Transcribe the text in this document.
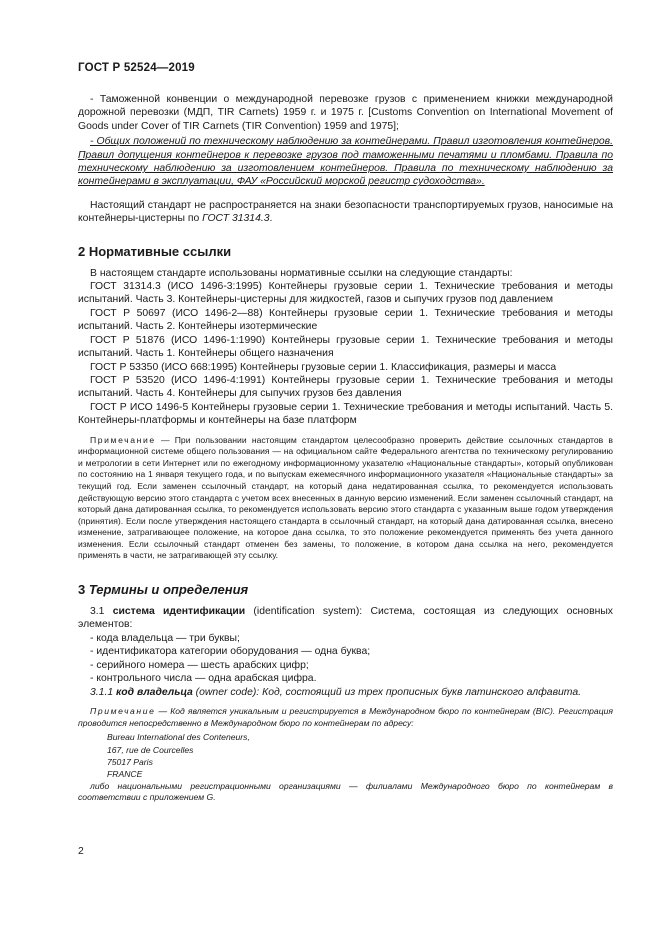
ГОСТ Р 52524—2019

- Таможенной конвенции о международной перевозке грузов с применением книжки международной дорожной перевозки (МДП, TIR Carnets) 1959 г. и 1975 г. [Customs Convention on International Movement of Goods under Cover of TIR Carnets (TIR Convention) 1959 and 1975];

- Общих положений по техническому наблюдению за контейнерами. Правил изготовления контейнеров. Правил допущения контейнеров к перевозке грузов под таможенными печатями и пломбами. Правила по техническому наблюдению за изготовлением контейнеров. Правила по техническому наблюдению за контейнерами в эксплуатации, ФАУ «Российский морской регистр судоходства».

Настоящий стандарт не распространяется на знаки безопасности транспортируемых грузов, наносимые на контейнеры-цистерны по ГОСТ 31314.3.

2 Нормативные ссылки

В настоящем стандарте использованы нормативные ссылки на следующие стандарты:

ГОСТ 31314.3 (ИСО 1496-3:1995) Контейнеры грузовые серии 1. Технические требования и методы испытаний. Часть 3. Контейнеры-цистерны для жидкостей, газов и сыпучих грузов под давлением

ГОСТ Р 50697 (ИСО 1496-2—88) Контейнеры грузовые серии 1. Технические требования и методы испытаний. Часть 2. Контейнеры изотермические

ГОСТ Р 51876 (ИСО 1496-1:1990) Контейнеры грузовые серии 1. Технические требования и методы испытаний. Часть 1. Контейнеры общего назначения

ГОСТ Р 53350 (ИСО 668:1995) Контейнеры грузовые серии 1. Классификация, размеры и масса

ГОСТ Р 53520 (ИСО 1496-4:1991) Контейнеры грузовые серии 1. Технические требования и методы испытаний. Часть 4. Контейнеры для сыпучих грузов без давления

ГОСТ Р ИСО 1496-5 Контейнеры грузовые серии 1. Технические требования и методы испытаний. Часть 5. Контейнеры-платформы и контейнеры на базе платформ

Примечание — При пользовании настоящим стандартом целесообразно проверить действие ссылочных стандартов в информационной системе общего пользования — на официальном сайте Федерального агентства по техническому регулированию и метрологии в сети Интернет или по ежегодному информационному указателю «Национальные стандарты», который опубликован по состоянию на 1 января текущего года, и по выпускам ежемесячного информационного указателя «Национальные стандарты» за текущий год. Если заменен ссылочный стандарт, на который дана недатированная ссылка, то рекомендуется использовать действующую версию этого стандарта с учетом всех внесенных в данную версию изменений. Если заменен ссылочный стандарт, на который дана датированная ссылка, то рекомендуется использовать версию этого стандарта с указанным выше годом утверждения (принятия). Если после утверждения настоящего стандарта в ссылочный стандарт, на который дана датированная ссылка, внесено изменение, затрагивающее положение, на которое дана ссылка, то это положение рекомендуется применять без учета данного изменения. Если ссылочный стандарт отменен без замены, то положение, в котором дана ссылка на него, рекомендуется применять в части, не затрагивающей эту ссылку.

3 Термины и определения

3.1 система идентификации (identification system): Система, состоящая из следующих основных элементов:

- кода владельца — три буквы;

- идентификатора категории оборудования — одна буква;

- серийного номера — шесть арабских цифр;

- контрольного числа — одна арабская цифра.

3.1.1 код владельца (owner code): Код, состоящий из трех прописных букв латинского алфавита.

Примечание — Код является уникальным и регистрируется в Международном бюро по контейнерам (BIC). Регистрация проводится непосредственно в Международном бюро по контейнерам по адресу:

Bureau International des Conteneurs,
167, rue de Courcelles
75017 Paris
FRANCE

либо национальными регистрационными организациями — филиалами Международного бюро по контейнерам в соответствии с приложением G.

2
